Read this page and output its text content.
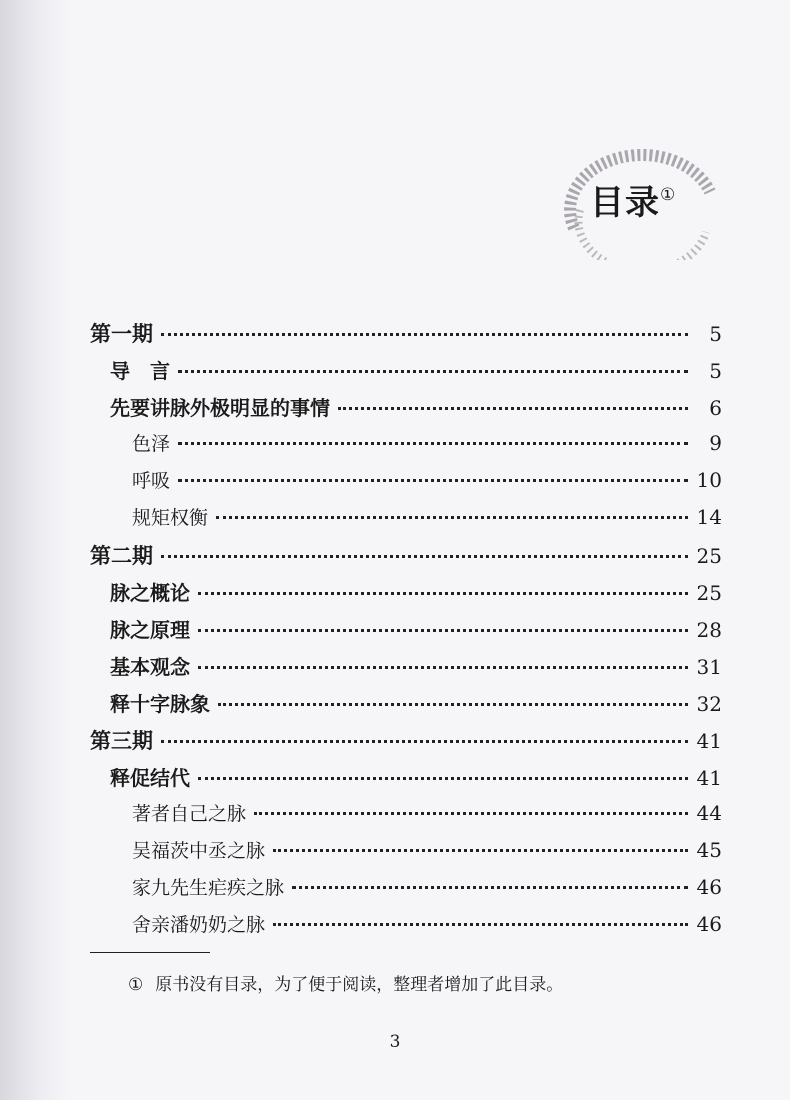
目录①
第一期	5
导　言	5
先要讲脉外极明显的事情	6
色泽	9
呼吸	10
规矩权衡	14
第二期	25
脉之概论	25
脉之原理	28
基本观念	31
释十字脉象	32
第三期	41
释促结代	41
著者自己之脉	44
吴福茨中丞之脉	45
家九先生疟疾之脉	46
舍亲潘奶奶之脉	46
① 原书没有目录，为了便于阅读，整理者增加了此目录。
3
